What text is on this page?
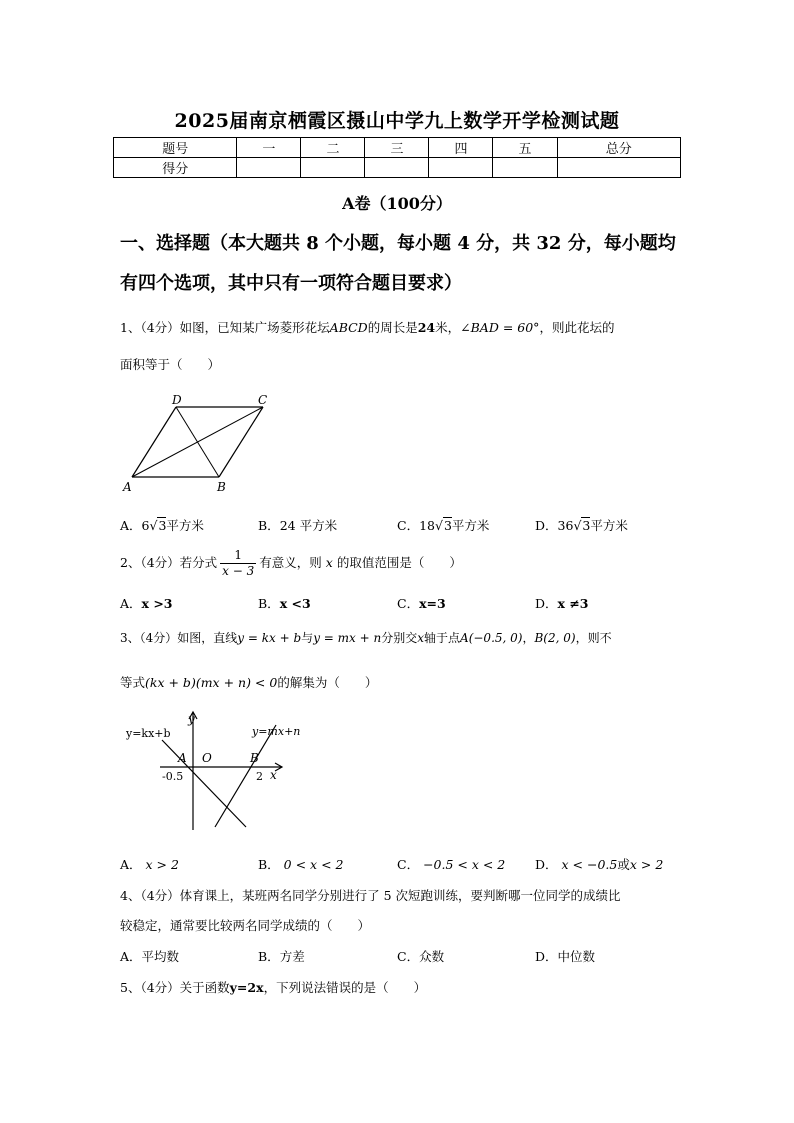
2025届南京栖霞区摄山中学九上数学开学检测试题
题号	一	二	三	四	五	总分
得分						
A卷（100分）
一、选择题（本大题共 8 个小题，每小题 4 分，共 32 分，每小题均
有四个选项，其中只有一项符合题目要求）
1、（4分）如图，已知某广场菱形花坛ABCD的周长是24米，∠BAD = 60°，则此花坛的
面积等于（　　）
A	B
C
D
A．6√3平方米	B．24 平方米	C．18√3平方米	D．36√3平方米
2、（4分）若分式 $\frac{1}{x - 3}$ 有意义，则 x 的取值范围是（　　）
A．x >3	B．x <3	C．x=3	D．x ≠3
3、（4分）如图，直线y = kx + b与y = mx + n分别交x轴于点A(−0.5, 0)，B(2, 0)，则不
等式(kx + b)(mx + n) < 0的解集为（　　）
y
x
y=kx+b	y=mx+n
A O	B
-0.5	2
A． x > 2	B． 0 < x < 2	C． −0.5 < x < 2 D． x < −0.5或x > 2
4、（4分）体育课上，某班两名同学分别进行了 5 次短跑训练，要判断哪一位同学的成绩比
较稳定，通常要比较两名同学成绩的（　　）
A．平均数	B．方差	C．众数	D．中位数
5、（4分）关于函数y=2x，下列说法错误的是（　　）
